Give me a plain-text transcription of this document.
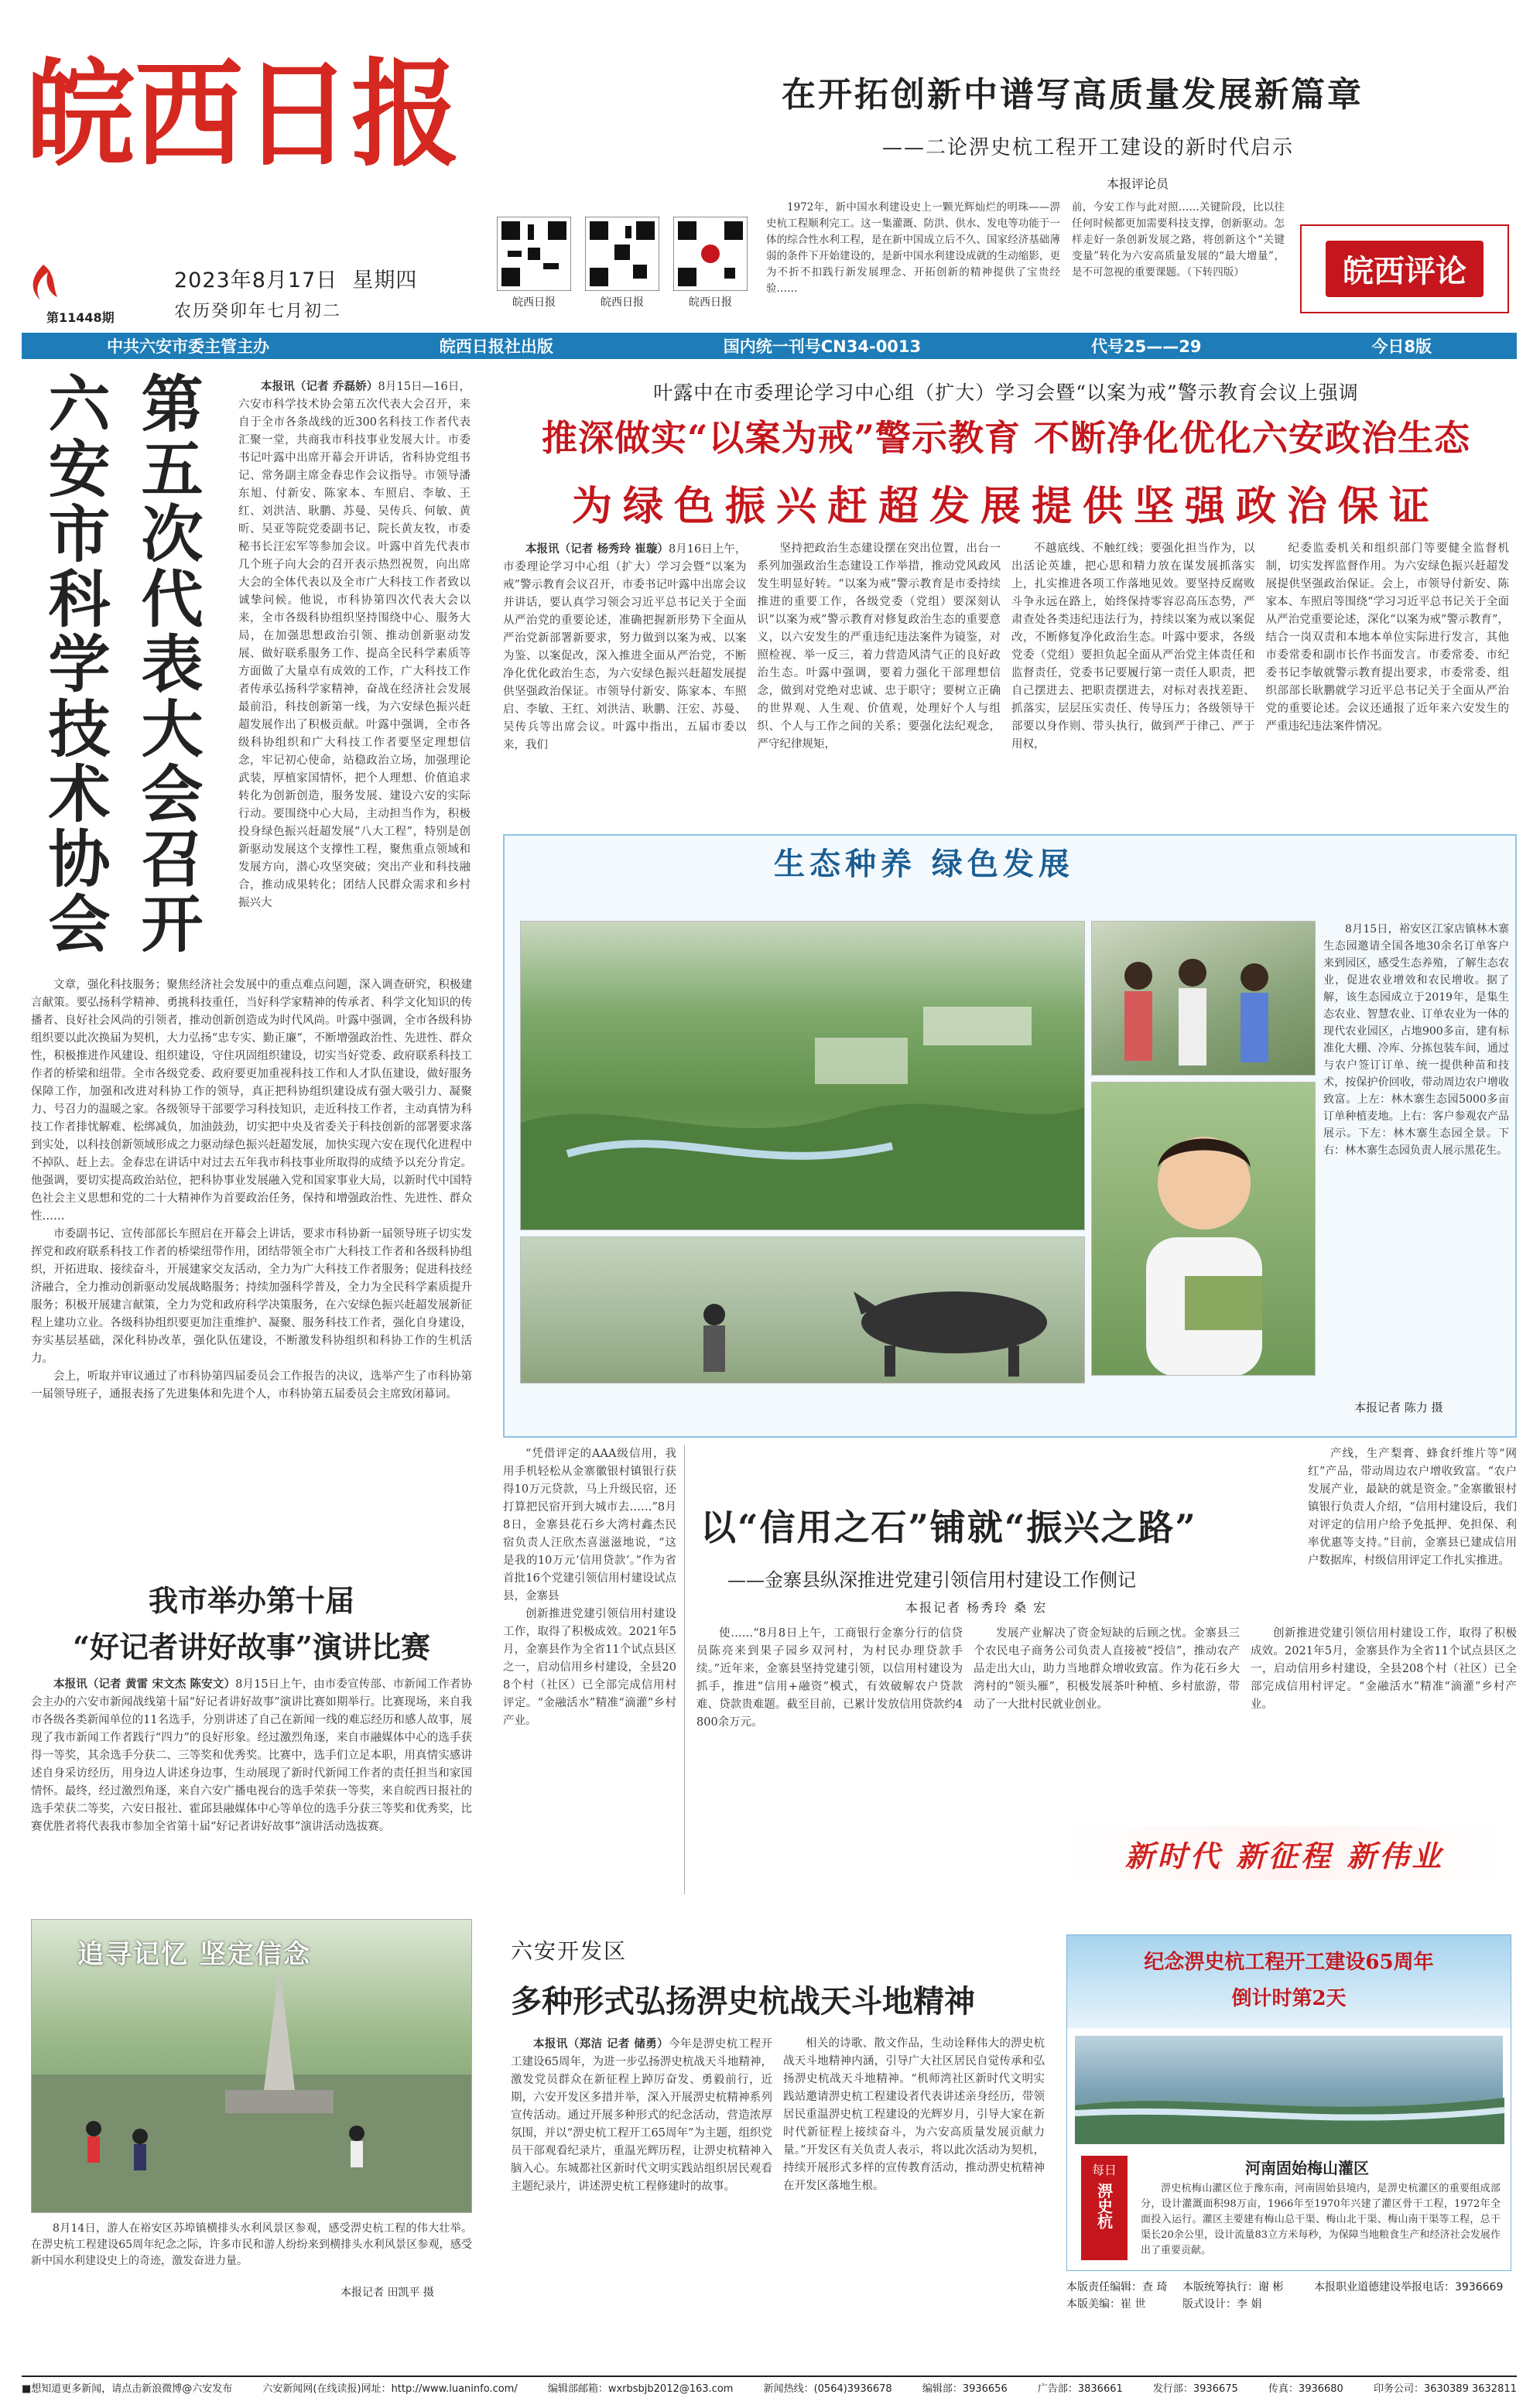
皖西日报
第11448期
2023年8月17日 星期四
农历癸卯年七月初二	皖西日报	皖西日报	皖西日报
在开拓创新中谱写高质量发展新篇章
——二论淠史杭工程开工建设的新时代启示
本报评论员

1972年，新中国水利建设史上一颗光辉灿烂的明珠——淠史杭工程顺利完工。这一集灌溉、防洪、供水、发电等功能于一体的综合性水利工程，是在新中国成立后不久、国家经济基础薄弱的条件下开始建设的，是新中国水利建设成就的生动缩影，更为不折不扣践行新发展理念、开拓创新的精神提供了宝贵经验……

前，今安工作与此对照……关键阶段，比以往任何时候都更加需要科技支撑，创新驱动。怎样走好一条创新发展之路，将创新这个“关键变量”转化为六安高质量发展的“最大增量”，是不可忽视的重要课题。（下转四版）	皖西评论
中共六安市委主管主办	皖西日报社出版	国内统一刊号CN34-0013	代号25——29	今日8版
六安市科学技术协会 第五次代表大会召开	本报讯（记者 乔磊娇）8月15日—16日，六安市科学技术协会第五次代表大会召开，来自于全市各条战线的近300名科技工作者代表汇聚一堂，共商我市科技事业发展大计。市委书记叶露中出席开幕会开讲话，省科协党组书记、常务副主席金春忠作会议指导。市领导潘东旭、付新安、陈家本、车照启、李敏、王红、刘洪洁、耿鹏、苏曼、吴传兵、何敏、黄昕、吴亚等院党委副书记、院长黄友牧，市委秘书长汪宏军等参加会议。叶露中首先代表市几个班子向大会的召开表示热烈祝贺，向出席大会的全体代表以及全市广大科技工作者致以诚挚问候。他说，市科协第四次代表大会以来，全市各级科协组织坚持围绕中心、服务大局，在加强思想政治引领、推动创新驱动发展、做好联系服务工作、提高全民科学素质等方面做了大量卓有成效的工作，广大科技工作者传承弘扬科学家精神，奋战在经济社会发展最前沿，科技创新第一线，为六安绿色振兴赶超发展作出了积极贡献。叶露中强调，全市各级科协组织和广大科技工作者要坚定理想信念，牢记初心使命，站稳政治立场，加强理论武装，厚植家国情怀，把个人理想、价值追求转化为创新创造，服务发展、建设六安的实际行动。要围绕中心大局，主动担当作为，积极投身绿色振兴赶超发展“八大工程”，特别是创新驱动发展这个支撑性工程，聚焦重点领域和发展方向，潜心攻坚突破；突出产业和科技融合，推动成果转化；团结人民群众需求和乡村振兴大

文章，强化科技服务；聚焦经济社会发展中的重点难点问题，深入调查研究，积极建言献策。要弘扬科学精神、勇挑科技重任，当好科学家精神的传承者、科学文化知识的传播者、良好社会风尚的引领者，推动创新创造成为时代风尚。叶露中强调，全市各级科协组织要以此次换届为契机，大力弘扬“忠专实、勤正廉”，不断增强政治性、先进性、群众性，积极推进作风建设、组织建设，守住巩固组织建设，切实当好党委、政府联系科技工作者的桥梁和纽带。全市各级党委、政府要更加重视科技工作和人才队伍建设，做好服务保障工作，加强和改进对科协工作的领导，真正把科协组织建设成有强大吸引力、凝聚力、号召力的温暖之家。各级领导干部要学习科技知识，走近科技工作者，主动真情为科技工作者排忧解难、松绑减负，加油鼓劲，切实把中央及省委关于科技创新的部署要求落到实处，以科技创新领域形成之力驱动绿色振兴赶超发展，加快实现六安在现代化进程中不掉队、赶上去。金春忠在讲话中对过去五年我市科技事业所取得的成绩予以充分肯定。他强调，要切实提高政治站位，把科协事业发展融入党和国家事业大局，以新时代中国特色社会主义思想和党的二十大精神作为首要政治任务，保持和增强政治性、先进性、群众性……

市委副书记、宣传部部长车照启在开幕会上讲话，要求市科协新一届领导班子切实发挥党和政府联系科技工作者的桥梁纽带作用，团结带领全市广大科技工作者和各级科协组织，开拓进取、接续奋斗，开展建家交友活动，全力为广大科技工作者服务；促进科技经济融合，全力推动创新驱动发展战略服务；持续加强科学普及，全力为全民科学素质提升服务；积极开展建言献策，全力为党和政府科学决策服务，在六安绿色振兴赶超发展新征程上建功立业。各级科协组织要更加注重维护、凝聚、服务科技工作者，强化自身建设，夯实基层基础，深化科协改革，强化队伍建设，不断激发科协组织和科协工作的生机活力。

会上，听取并审议通过了市科协第四届委员会工作报告的决议，选举产生了市科协第一届领导班子，通报表扬了先进集体和先进个人，市科协第五届委员会主席致闭幕词。

叶露中在市委理论学习中心组（扩大）学习会暨“以案为戒”警示教育会议上强调
推深做实“以案为戒”警示教育 不断净化优化六安政治生态
为绿色振兴赶超发展提供坚强政治保证

本报讯（记者 杨秀玲 崔璇）8月16日上午，市委理论学习中心组（扩大）学习会暨“以案为戒”警示教育会议召开，市委书记叶露中出席会议并讲话，要认真学习领会习近平总书记关于全面从严治党的重要论述，准确把握新形势下全面从严治党新部署新要求，努力做到以案为戒、以案为鉴、以案促改，深入推进全面从严治党，不断净化优化政治生态，为六安绿色振兴赶超发展提供坚强政治保证。市领导付新安、陈家本、车照启、李敏、王红、刘洪洁、耿鹏、汪宏、苏曼、吴传兵等出席会议。叶露中指出，五届市委以来，我们

坚持把政治生态建设摆在突出位置，出台一系列加强政治生态建设工作举措，推动党风政风发生明显好转。“以案为戒”警示教育是市委持续推进的重要工作，各级党委（党组）要深刻认识“以案为戒”警示教育对修复政治生态的重要意义，以六安发生的严重违纪违法案件为镜鉴，对照检视、举一反三，着力营造风清气正的良好政治生态。叶露中强调，要着力强化干部理想信念，做到对党绝对忠诚、忠于职守；要树立正确的世界观、人生观、价值观，处理好个人与组织、个人与工作之间的关系；要强化法纪观念，严守纪律规矩，

不越底线、不触红线；要强化担当作为，以出活论英雄，把心思和精力放在谋发展抓落实上，扎实推进各项工作落地见效。要坚持反腐败斗争永远在路上，始终保持零容忍高压态势，严肃查处各类违纪违法行为，持续以案为戒以案促改，不断修复净化政治生态。叶露中要求，各级党委（党组）要担负起全面从严治党主体责任和监督责任，党委书记要履行第一责任人职责，把自己摆进去、把职责摆进去，对标对表找差距、抓落实，层层压实责任、传导压力；各级领导干部要以身作则、带头执行，做到严于律己、严于用权，

纪委监委机关和组织部门等要健全监督机制，切实发挥监督作用。为六安绿色振兴赶超发展提供坚强政治保证。会上，市领导付新安、陈家本、车照启等围绕“学习习近平总书记关于全面从严治党重要论述，深化“以案为戒”警示教育”，结合一岗双责和本地本单位实际进行发言，其他市委常委和副市长作书面发言。市委常委、市纪委书记李敏就警示教育提出要求，市委常委、组织部部长耿鹏就学习近平总书记关于全面从严治党的重要论述。会议还通报了近年来六安发生的严重违纪违法案件情况。

生态种养 绿色发展

8月15日，裕安区江家店镇林木寨生态园邀请全国各地30余名订单客户来到园区，感受生态养殖，了解生态农业，促进农业增效和农民增收。据了解，该生态园成立于2019年，是集生态农业、智慧农业、订单农业为一体的现代农业园区，占地900多亩，建有标准化大棚、冷库、分拣包装车间，通过与农户签订订单、统一提供种苗和技术，按保护价回收，带动周边农户增收致富。上左：林木寨生态园5000多亩订单种植麦地。上右：客户参观农产品展示。下左：林木寨生态园全景。下右：林木寨生态园负责人展示黑花生。

本报记者 陈力 摄

“凭借评定的AAA级信用，我用手机轻松从金寨徽银村镇银行获得10万元贷款，马上升级民宿，还打算把民宿开到大城市去……”8月8日，金寨县花石乡大湾村鑫杰民宿负责人汪欣杰喜滋滋地说，“这是我的10万元‘信用贷款’。”作为省首批16个党建引领信用村建设试点县，金寨县

创新推进党建引领信用村建设工作，取得了积极成效。2021年5月，金寨县作为全省11个试点县区之一，启动信用乡村建设，全县208个村（社区）已全部完成信用村评定。“金融活水”精准“滴灌”乡村产业。

以“信用之石”铺就“振兴之路”
——金寨县纵深推进党建引领信用村建设工作侧记
本报记者 杨秀玲 桑 宏

产线，生产梨膏、蜂食纤维片等“网红”产品，带动周边农户增收致富。“农户发展产业，最缺的就是资金。”金寨徽银村镇银行负责人介绍，“信用村建设后，我们对评定的信用户给予免抵押、免担保、利率优惠等支持。”目前，金寨县已建成信用户数据库，村级信用评定工作扎实推进。

使……“8月8日上午，工商银行金寨分行的信贷员陈亮来到果子园乡双河村，为村民办理贷款手续。”近年来，金寨县坚持党建引领，以信用村建设为抓手，推进“信用+融资”模式，有效破解农户贷款难、贷款贵难题。截至目前，已累计发放信用贷款约4800余万元。

发展产业解决了资金短缺的后顾之忧。金寨县三个农民电子商务公司负责人直接被“授信”，推动农产品走出大山，助力当地群众增收致富。作为花石乡大湾村的“领头雁”，积极发展茶叶种植、乡村旅游，带动了一大批村民就业创业。

创新推进党建引领信用村建设工作，取得了积极成效。2021年5月，金寨县作为全省11个试点县区之一，启动信用乡村建设，全县208个村（社区）已全部完成信用村评定。“金融活水”精准“滴灌”乡村产业。

我市举办第十届
“好记者讲好故事”演讲比赛

本报讯（记者 黄雷 宋文杰 陈安文）8月15日上午，由市委宣传部、市新闻工作者协会主办的六安市新闻战线第十届“好记者讲好故事”演讲比赛如期举行。比赛现场，来自我市各级各类新闻单位的11名选手，分别讲述了自己在新闻一线的难忘经历和感人故事，展现了我市新闻工作者践行“四力”的良好形象。经过激烈角逐，来自市融媒体中心的选手获得一等奖，其余选手分获二、三等奖和优秀奖。比赛中，选手们立足本职，用真情实感讲述自身采访经历，用身边人讲述身边事，生动展现了新时代新闻工作者的责任担当和家国情怀。最终，经过激烈角逐，来自六安广播电视台的选手荣获一等奖，来自皖西日报社的选手荣获二等奖，六安日报社、霍邱县融媒体中心等单位的选手分获三等奖和优秀奖，比赛优胜者将代表我市参加全省第十届“好记者讲好故事”演讲活动选拔赛。

新时代 新征程 新伟业
追寻记忆 坚定信念

8月14日，游人在裕安区苏埠镇横排头水利风景区参观，感受淠史杭工程的伟大壮举。在淠史杭工程建设65周年纪念之际，许多市民和游人纷纷来到横排头水利风景区参观，感受新中国水利建设史上的奇迹，激发奋进力量。

本报记者 田凯平 摄
六安开发区
多种形式弘扬淠史杭战天斗地精神

本报讯（郑洁 记者 储勇）今年是淠史杭工程开工建设65周年，为进一步弘扬淠史杭战天斗地精神，激发党员群众在新征程上踔厉奋发、勇毅前行，近期，六安开发区多措并举，深入开展淠史杭精神系列宣传活动。通过开展多种形式的纪念活动，营造浓厚氛围，并以“淠史杭工程开工65周年”为主题，组织党员干部观看纪录片，重温光辉历程，让淠史杭精神入脑入心。东城都社区新时代文明实践站组织居民观看主题纪录片，讲述淠史杭工程修建时的故事。

相关的诗歌、散文作品，生动诠释伟大的淠史杭战天斗地精神内涵，引导广大社区居民自觉传承和弘扬淠史杭战天斗地精神。“机师湾社区新时代文明实践站邀请淠史杭工程建设者代表讲述亲身经历，带领居民重温淠史杭工程建设的光辉岁月，引导大家在新时代新征程上接续奋斗，为六安高质量发展贡献力量。”开发区有关负责人表示，将以此次活动为契机，持续开展形式多样的宣传教育活动，推动淠史杭精神在开发区落地生根。

纪念淠史杭工程开工建设65周年
倒计时第2天
河南固始梅山灌区
每日
淠史杭	淠史杭梅山灌区位于豫东南，河南固始县境内，是淠史杭灌区的重要组成部分，设计灌溉面积98万亩，1966年至1970年兴建了灌区骨干工程，1972年全面投入运行。灌区主要建有梅山总干渠、梅山北干渠、梅山南干渠等工程，总干渠长20余公里，设计流量83立方米每秒，为保障当地粮食生产和经济社会发展作出了重要贡献。

本版责任编辑：查 琦	本版统筹执行：谢 彬	本报职业道德建设举报电话：3936669
本版美编：崔 世	版式设计：李 娟
■想知道更多新闻，请点击新浪微博@六安发布	六安新闻网(在线读报)网址：http://www.luaninfo.com/	编辑部邮箱：wxrbsbjb2012@163.com	新闻热线：(0564)3936678	编辑部：3936656	广告部：3836661	发行部：3936675	传真：3936680	印务公司：3630389 3632811
